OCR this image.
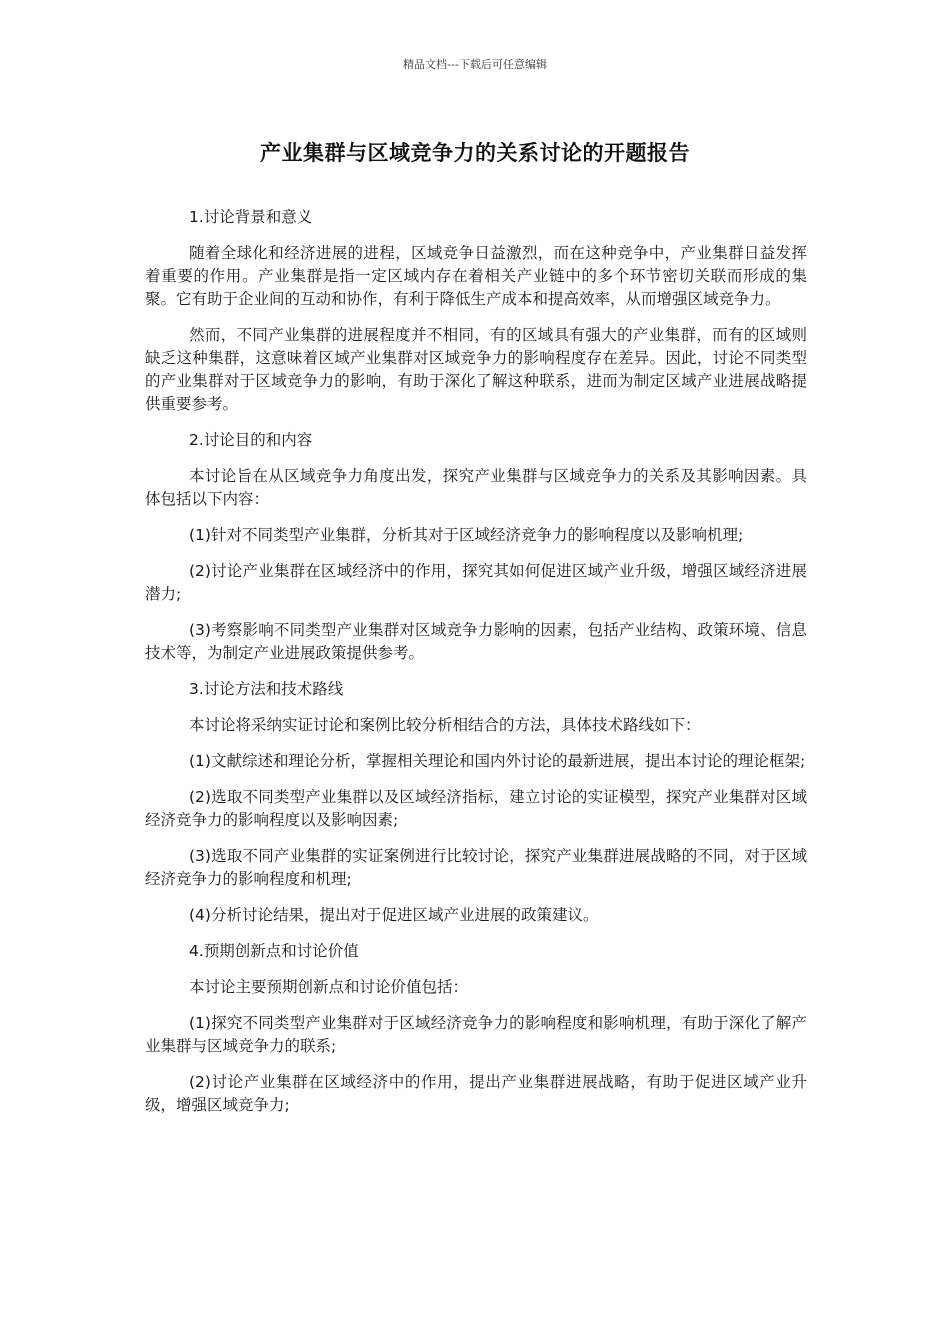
精品文档---下载后可任意编辑
产业集群与区域竞争力的关系讨论的开题报告

1.讨论背景和意义

随着全球化和经济进展的进程，区域竞争日益激烈，而在这种竞争中，产业集群日益发挥着重要的作用。产业集群是指一定区域内存在着相关产业链中的多个环节密切关联而形成的集聚。它有助于企业间的互动和协作，有利于降低生产成本和提高效率，从而增强区域竞争力。

然而，不同产业集群的进展程度并不相同，有的区域具有强大的产业集群，而有的区域则缺乏这种集群，这意味着区域产业集群对区域竞争力的影响程度存在差异。因此，讨论不同类型的产业集群对于区域竞争力的影响，有助于深化了解这种联系，进而为制定区域产业进展战略提供重要参考。

2.讨论目的和内容

本讨论旨在从区域竞争力角度出发，探究产业集群与区域竞争力的关系及其影响因素。具体包括以下内容：

(1)针对不同类型产业集群，分析其对于区域经济竞争力的影响程度以及影响机理;

(2)讨论产业集群在区域经济中的作用，探究其如何促进区域产业升级，增强区域经济进展潜力;

(3)考察影响不同类型产业集群对区域竞争力影响的因素，包括产业结构、政策环境、信息技术等，为制定产业进展政策提供参考。

3.讨论方法和技术路线

本讨论将采纳实证讨论和案例比较分析相结合的方法，具体技术路线如下：

(1)文献综述和理论分析，掌握相关理论和国内外讨论的最新进展，提出本讨论的理论框架;

(2)选取不同类型产业集群以及区域经济指标，建立讨论的实证模型，探究产业集群对区域经济竞争力的影响程度以及影响因素;

(3)选取不同产业集群的实证案例进行比较讨论，探究产业集群进展战略的不同，对于区域经济竞争力的影响程度和机理;

(4)分析讨论结果，提出对于促进区域产业进展的政策建议。

4.预期创新点和讨论价值

本讨论主要预期创新点和讨论价值包括：

(1)探究不同类型产业集群对于区域经济竞争力的影响程度和影响机理，有助于深化了解产业集群与区域竞争力的联系;

(2)讨论产业集群在区域经济中的作用，提出产业集群进展战略，有助于促进区域产业升级，增强区域竞争力;
